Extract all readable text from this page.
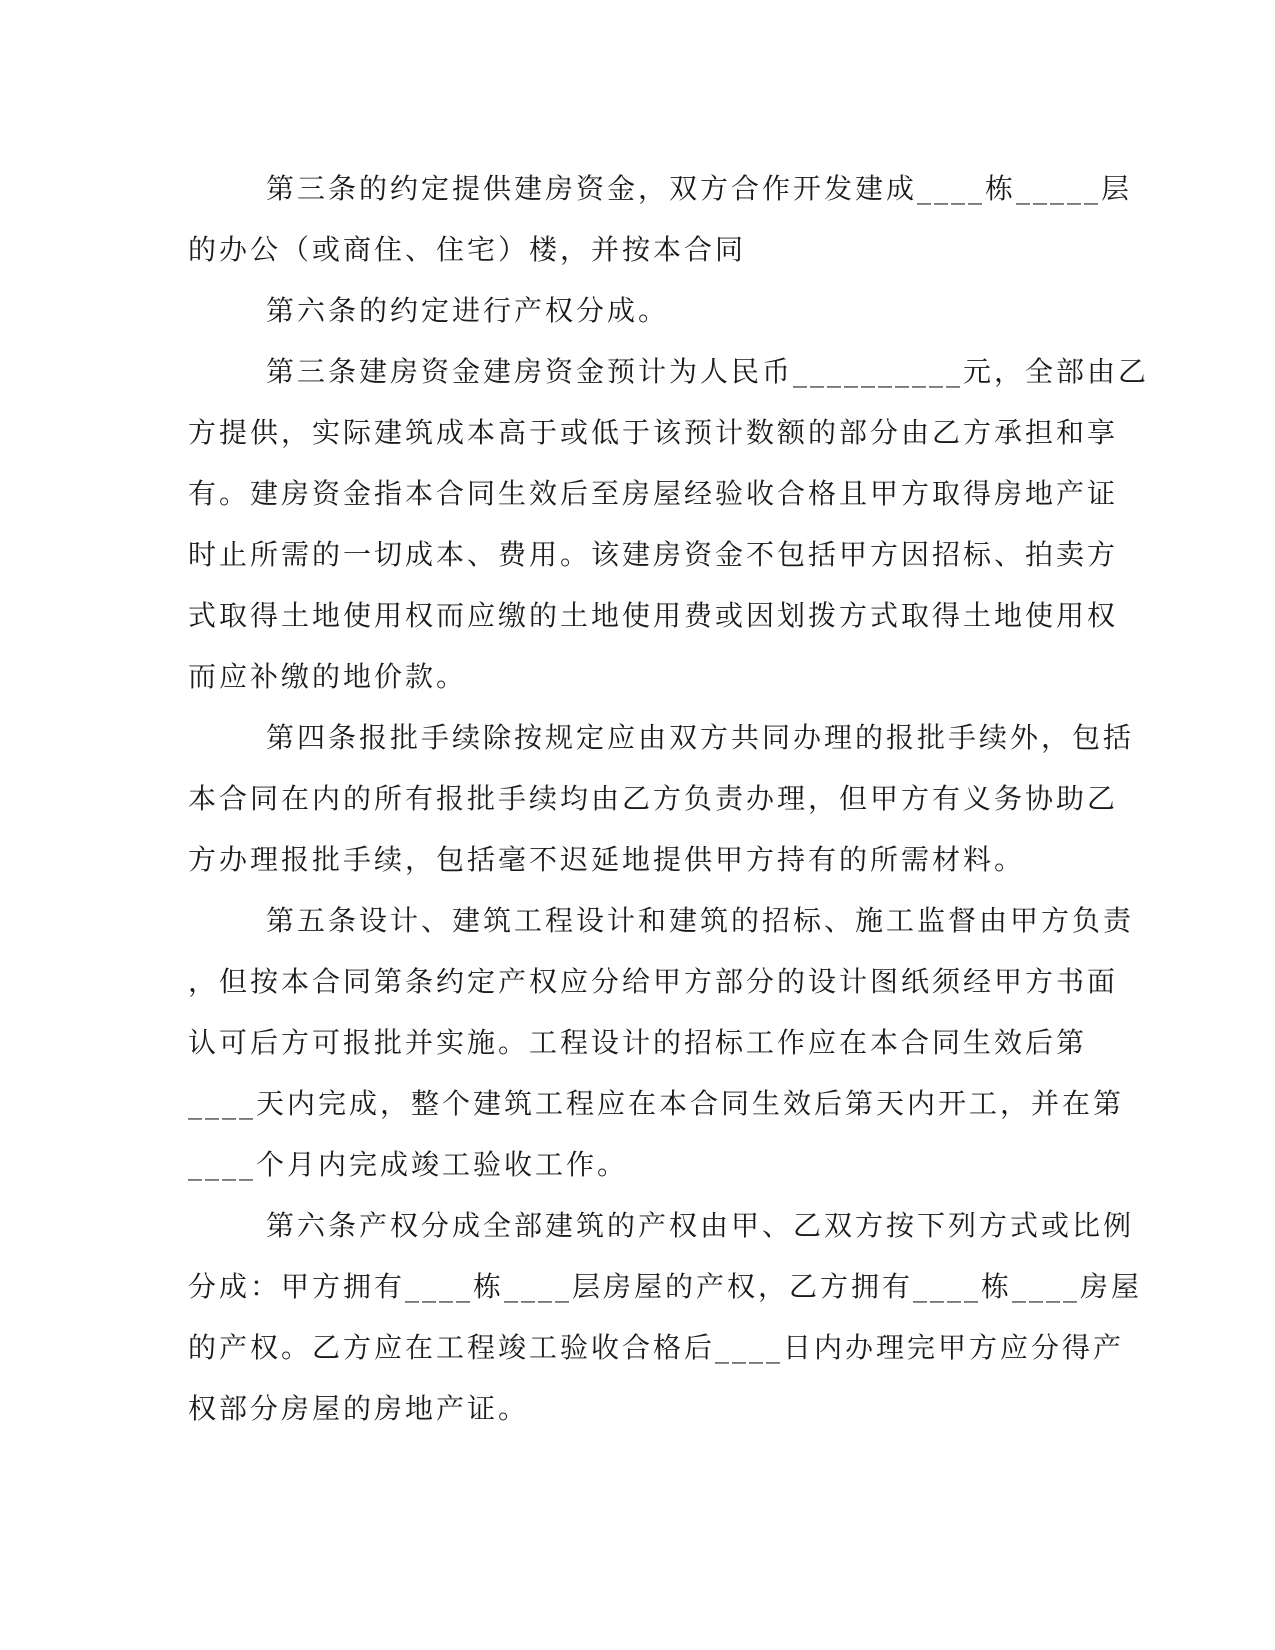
第三条的约定提供建房资金，双方合作开发建成____栋_____层

的办公（或商住、住宅）楼，并按本合同

第六条的约定进行产权分成。

第三条建房资金建房资金预计为人民币__________元，全部由乙

方提供，实际建筑成本高于或低于该预计数额的部分由乙方承担和享

有。建房资金指本合同生效后至房屋经验收合格且甲方取得房地产证

时止所需的一切成本、费用。该建房资金不包括甲方因招标、拍卖方

式取得土地使用权而应缴的土地使用费或因划拨方式取得土地使用权

而应补缴的地价款。

第四条报批手续除按规定应由双方共同办理的报批手续外，包括

本合同在内的所有报批手续均由乙方负责办理，但甲方有义务协助乙

方办理报批手续，包括毫不迟延地提供甲方持有的所需材料。

第五条设计、建筑工程设计和建筑的招标、施工监督由甲方负责

，但按本合同第条约定产权应分给甲方部分的设计图纸须经甲方书面

认可后方可报批并实施。工程设计的招标工作应在本合同生效后第

____天内完成，整个建筑工程应在本合同生效后第天内开工，并在第

____个月内完成竣工验收工作。

第六条产权分成全部建筑的产权由甲、乙双方按下列方式或比例

分成：甲方拥有____栋____层房屋的产权，乙方拥有____栋____房屋

的产权。乙方应在工程竣工验收合格后____日内办理完甲方应分得产

权部分房屋的房地产证。
